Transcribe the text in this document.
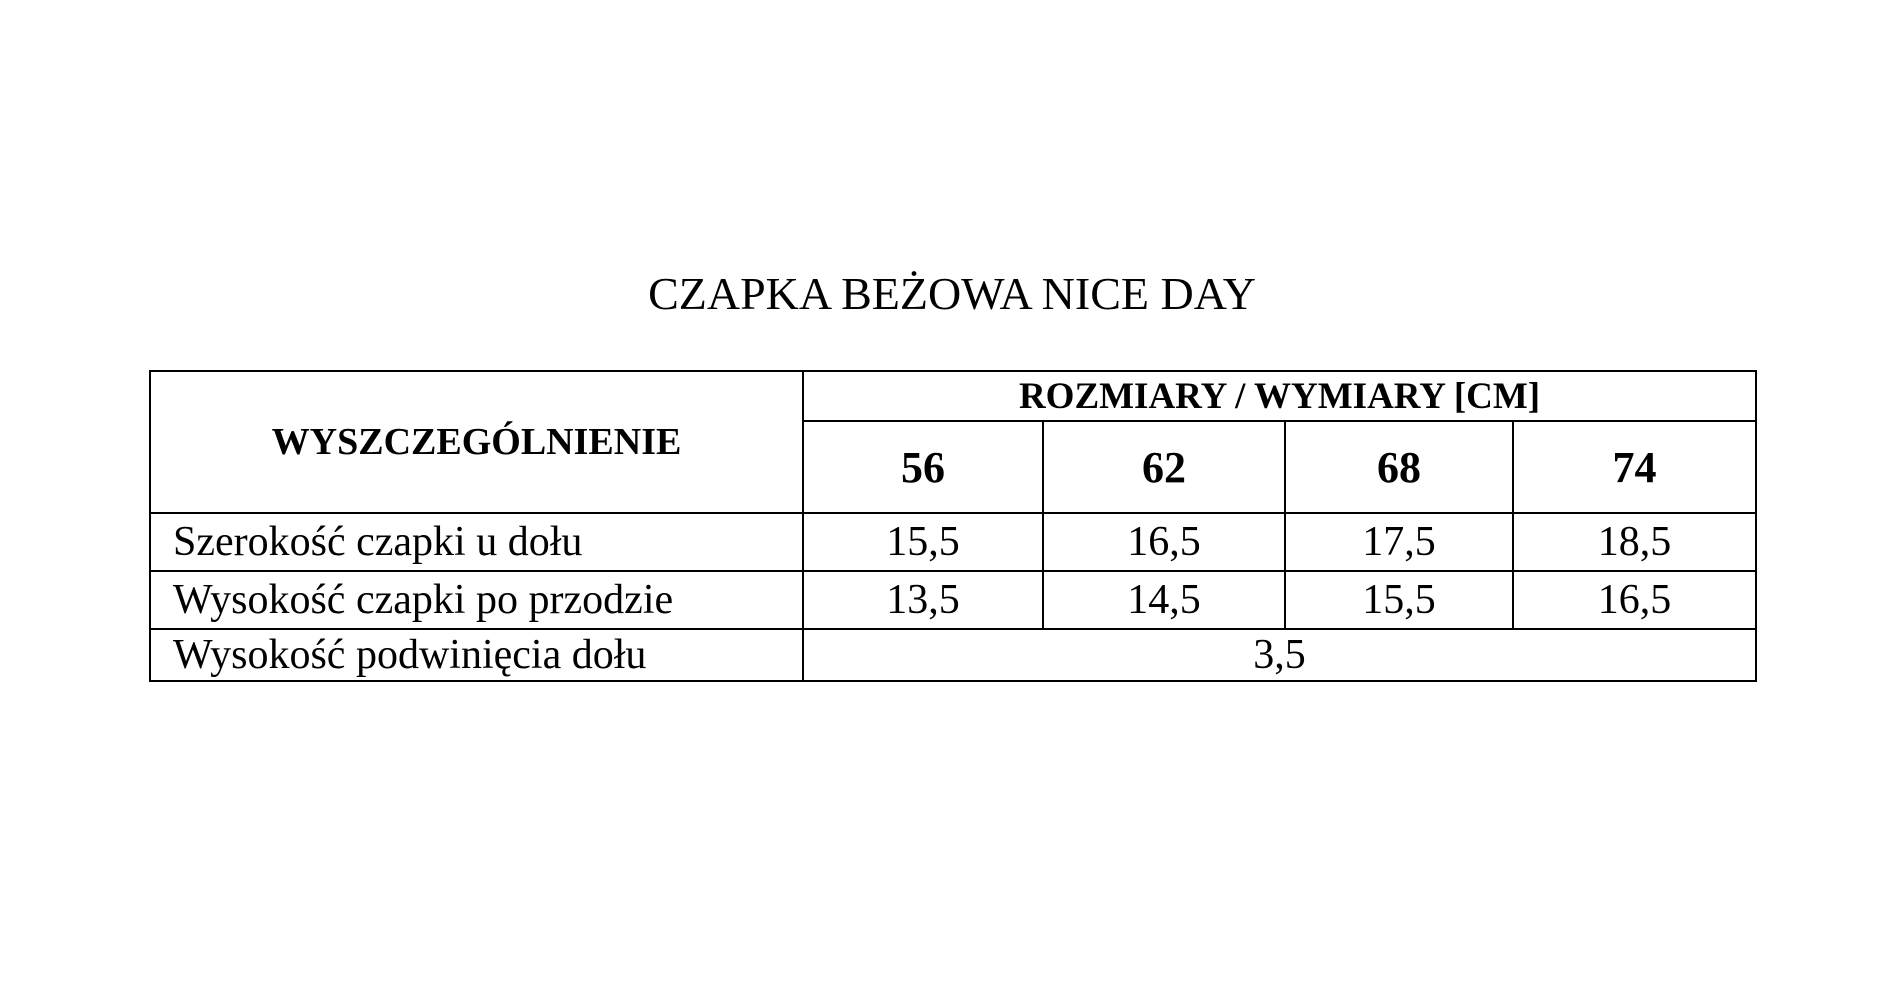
CZAPKA BEŻOWA NICE DAY
WYSZCZEGÓLNIENIE	ROZMIARY / WYMIARY [CM]			
	56	62	68	74
Szerokość czapki u dołu	15,5	16,5	17,5	18,5
Wysokość czapki po przodzie	13,5	14,5	15,5	16,5
Wysokość podwinięcia dołu	3,5			
